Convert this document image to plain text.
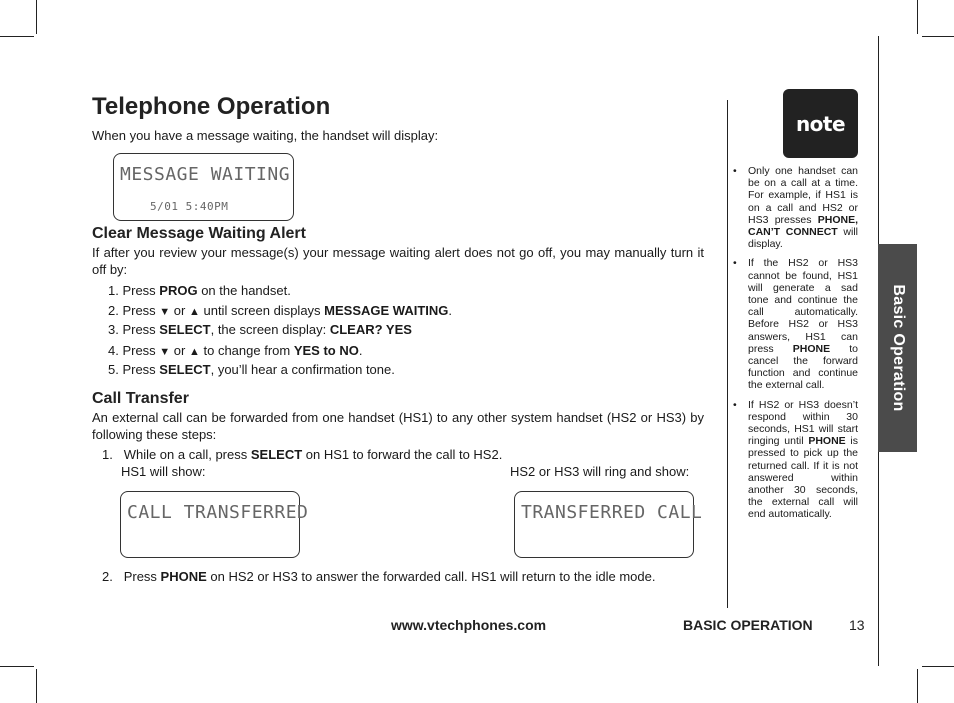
Telephone Operation
When you have a message waiting, the handset will display:
MESSAGE WAITING
5/01 5:40PM
Clear Message Waiting Alert
If after you review your message(s) your message waiting alert does not go off, you may manually turn it off by:
1. Press PROG on the handset.
2. Press ▼ or ▲ until screen displays MESSAGE WAITING.
3. Press SELECT, the screen display: CLEAR? YES
4. Press ▼ or ▲ to change from YES to NO.
5. Press SELECT, you’ll hear a confirmation tone.
Call Transfer
An external call can be forwarded from one handset (HS1) to any other system handset (HS2 or HS3) by following these steps:
1. While on a call, press SELECT on HS1 to forward the call to HS2.
HS1 will show:	HS2 or HS3 will ring and show:
CALL TRANSFERRED	TRANSFERRED CALL
2. Press PHONE on HS2 or HS3 to answer the forwarded call. HS1 will return to the idle mode.
note
• Only one handset can be on a call at a time. For example, if HS1 is on a call and HS2 or HS3 presses PHONE, CAN’T CONNECT will display.
• If the HS2 or HS3 cannot be found, HS1 will generate a sad tone and continue the call automatically. Before HS2 or HS3 answers, HS1 can press PHONE to cancel the forward function and continue the external call.
• If HS2 or HS3 doesn’t respond within 30 seconds, HS1 will start ringing until PHONE is pressed to pick up the returned call. If it is not answered within another 30 seconds, the external call will end automatically.
Basic Operation
www.vtechphones.com	BASIC OPERATION	13
